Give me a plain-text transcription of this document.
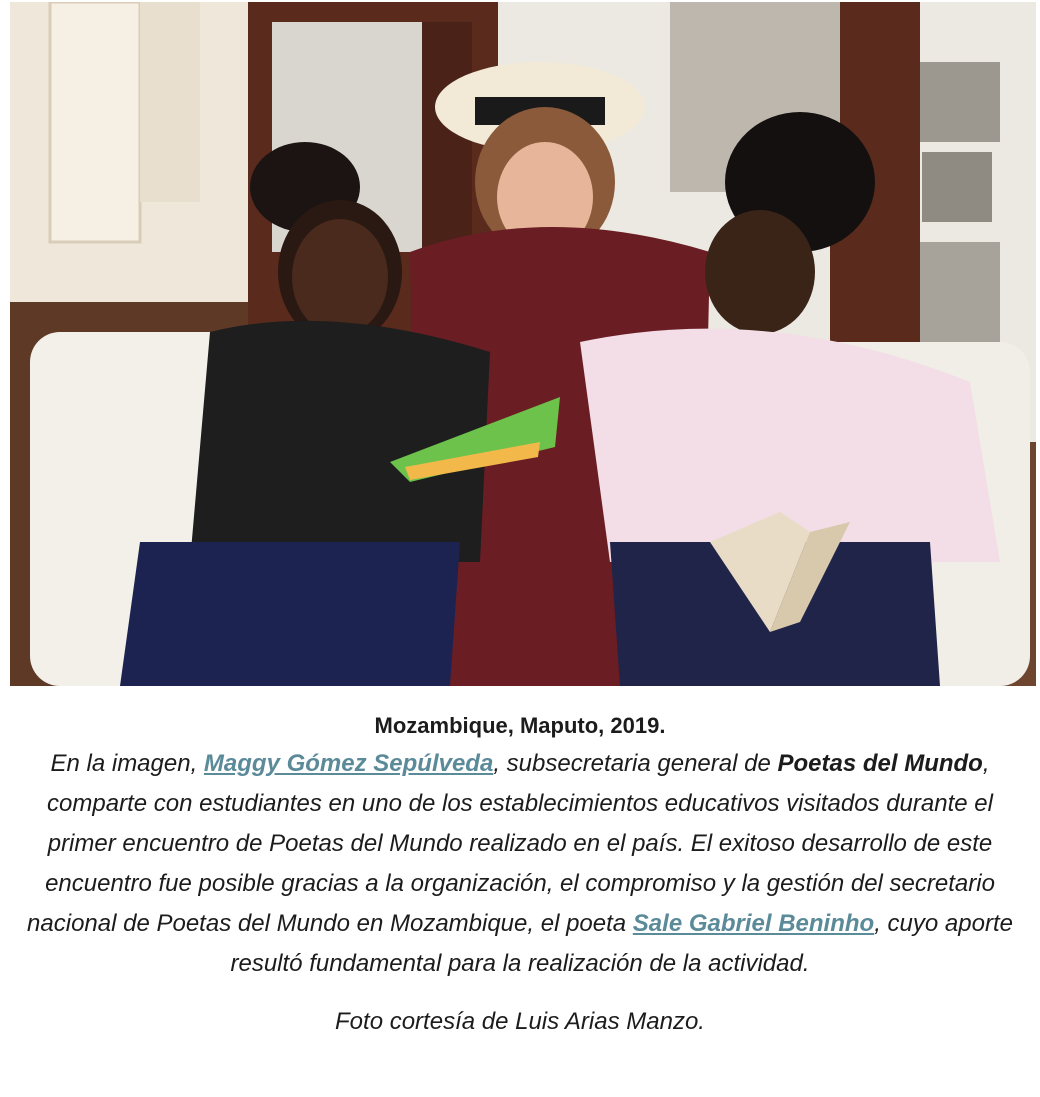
Mozambique, Maputo, 2019.

En la imagen, Maggy Gómez Sepúlveda, subsecretaria general de Poetas del Mundo, comparte con estudiantes en uno de los establecimientos educativos visitados durante el primer encuentro de Poetas del Mundo realizado en el país. El exitoso desarrollo de este encuentro fue posible gracias a la organización, el compromiso y la gestión del secretario nacional de Poetas del Mundo en Mozambique, el poeta Sale Gabriel Beninho, cuyo aporte resultó fundamental para la realización de la actividad.

Foto cortesía de Luis Arias Manzo.
